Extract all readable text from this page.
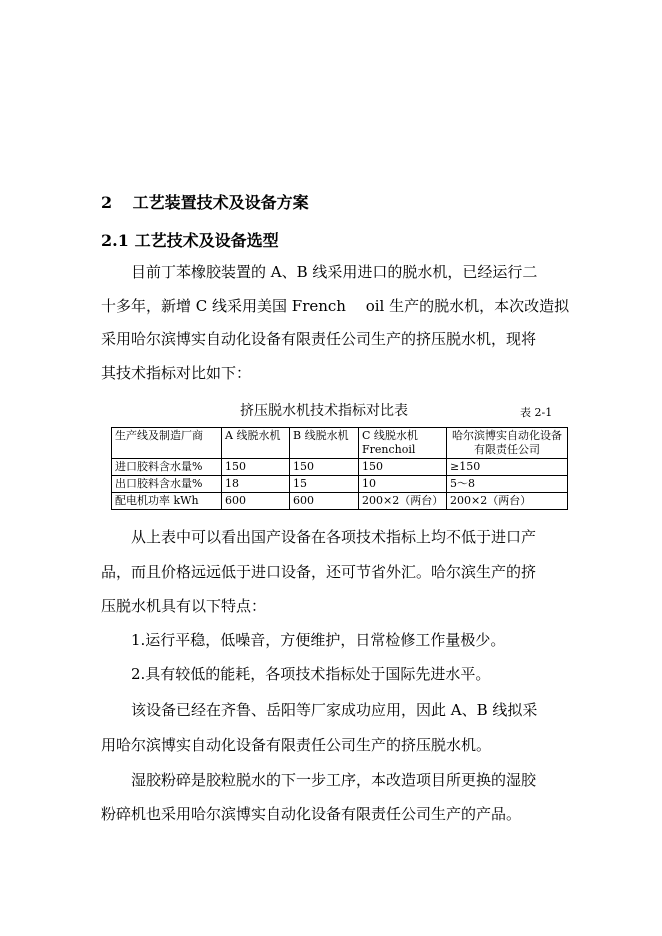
2 工艺装置技术及设备方案
2.1 工艺技术及设备选型
目前丁苯橡胶装置的 A、B 线采用进口的脱水机，已经运行二
十多年，新增 C 线采用美国 French　 oil 生产的脱水机，本次改造拟
采用哈尔滨博实自动化设备有限责任公司生产的挤压脱水机，现将
其技术指标对比如下：
挤压脱水机技术指标对比表	表 2-1
生产线及制造厂商	A 线脱水机	B 线脱水机	C 线脱水机 Frenchoil	哈尔滨博实自动化设备有限责任公司
进口胶料含水量%	150	150	150	≥150
出口胶料含水量%	18	15	10	5～8
配电机功率 kWh	600	600	200×2（两台）	200×2（两台）
从上表中可以看出国产设备在各项技术指标上均不低于进口产
品，而且价格远远低于进口设备，还可节省外汇。哈尔滨生产的挤
压脱水机具有以下特点：
1.运行平稳，低噪音，方便维护，日常检修工作量极少。
2.具有较低的能耗，各项技术指标处于国际先进水平。
该设备已经在齐鲁、岳阳等厂家成功应用，因此 A、B 线拟采
用哈尔滨博实自动化设备有限责任公司生产的挤压脱水机。
湿胶粉碎是胶粒脱水的下一步工序，本改造项目所更换的湿胶
粉碎机也采用哈尔滨博实自动化设备有限责任公司生产的产品。
